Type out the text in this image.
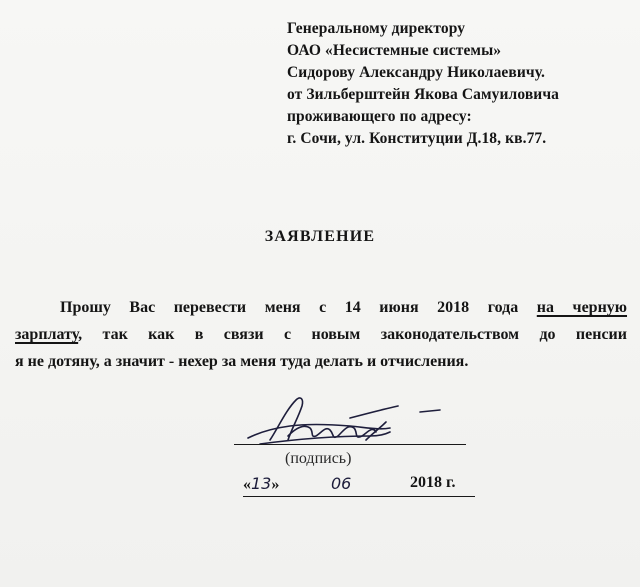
Генеральному директору
ОАО «Несистемные системы»
Сидорову Александру Николаевичу.
от Зильберштейн Якова Самуиловича
проживающего по адресу:
г. Сочи, ул. Конституции Д.18, кв.77.
ЗАЯВЛЕНИЕ
Прошу Вас перевести меня с 14 июня 2018 года на черную
зарплату, так как в связи с новым законодательством до пенсии
я не дотяну, а значит - нехер за меня туда делать и отчисления.
(подпись)
«13»	06	2018 г.
